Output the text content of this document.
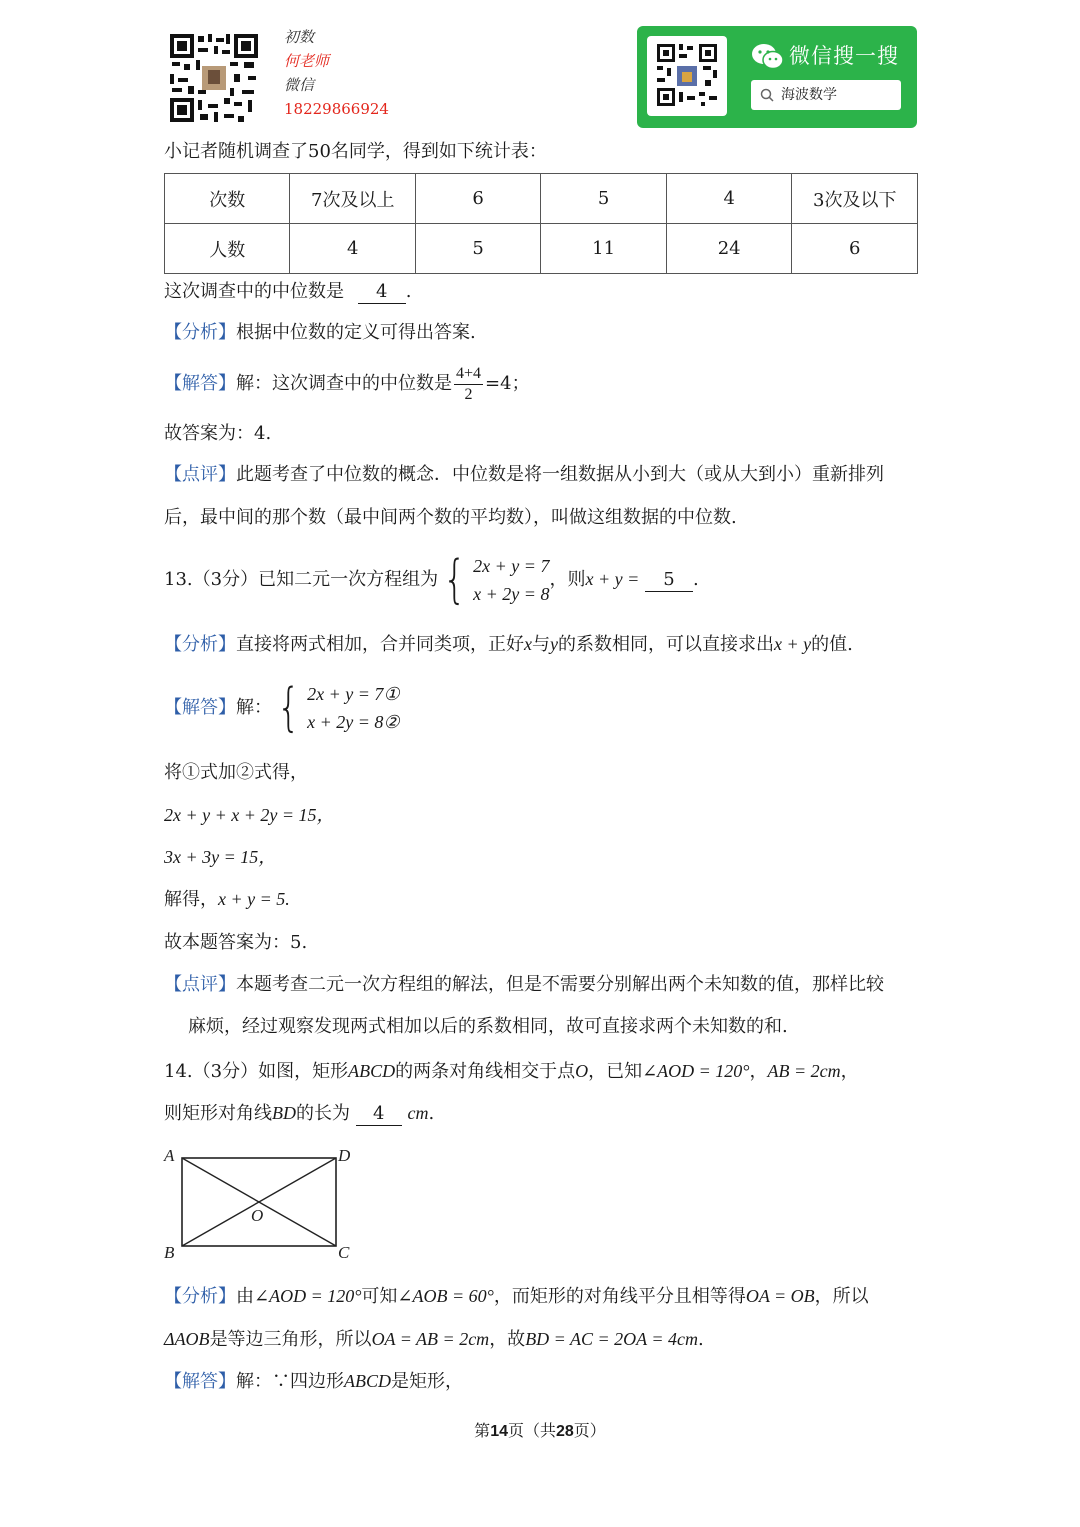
初数
何老师
微信
18229866924
微信搜一搜
海波数学
小记者随机调查了50名同学，得到如下统计表：
次数	7次及以上	6	5	4	3次及以下
人数	4	5	11	24	6
这次调查中的中位数是 4 .
【分析】根据中位数的定义可得出答案.
【解答】解：这次调查中的中位数是 $\frac{4+4}{2} =4$；
故答案为：4.
【点评】此题考查了中位数的概念．中位数是将一组数据从小到大（或从大到小）重新排列
后，最中间的那个数（最中间两个数的平均数），叫做这组数据的中位数.
13.（3分）已知二元一次方程组为 { 2x + y = 7
x + 2y = 8
，则x + y = 5 .
【分析】直接将两式相加，合并同类项，正好x与y的系数相同，可以直接求出x + y的值.
【解答】解： { 2x + y = 7①
x + 2y = 8②
将①式加②式得，
2x + y + x + 2y = 15，
3x + 3y = 15，
解得，x + y = 5.
故本题答案为：5.
【点评】本题考查二元一次方程组的解法，但是不需要分别解出两个未知数的值，那样比较
麻烦，经过观察发现两式相加以后的系数相同，故可直接求两个未知数的和.
14.（3分）如图，矩形ABCD的两条对角线相交于点O，已知∠AOD = 120°，AB = 2cm，
则矩形对角线BD的长为 4 cm.
A	D
B	C
O
【分析】由∠AOD = 120°可知∠AOB = 60°，而矩形的对角线平分且相等得OA = OB，所以
ΔAOB是等边三角形，所以OA = AB = 2cm，故BD = AC = 2OA = 4cm.
【解答】解：∵四边形ABCD是矩形，
第14页（共28页）
